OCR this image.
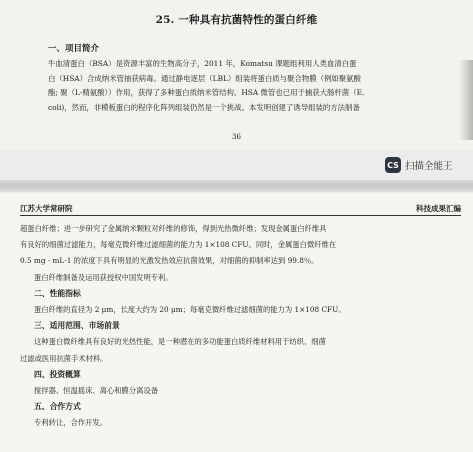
25. 一种具有抗菌特性的蛋白纤维
一、项目简介
牛血清蛋白（BSA）是资源丰富的生物高分子，2011 年，Komatsu 课题组利用人类血清白蛋
白（HSA）合成纳米管抽获病毒。通过静电逐层（LBL）组装将蛋白质与聚合物膜（例如聚氨酸
酯; 聚（L-精氨酸））作用，获得了多种蛋白质纳米管结构。HSA 微管也已用于捕获大肠杆菌（E.
coli)，然而，非模板蛋白的程序化阵列组装仍然是一个挑战。本发明创建了诱导组装的方法制备
36
CS 扫描全能王
江苏大学常研院	科技成果汇编
超蛋白纤维；进一步研究了金属纳米颗粒对纤维的修饰，得到光热微纤维；发现金属蛋白纤维具
有良好的细菌过滤能力，每毫克微纤维过滤细菌的能力为 1×108 CFU。同时，金属蛋白微纤维在
0.5 mg · mL-1 的浓度下具有明显的光激发热效应抗菌效果，对细菌的抑制率达到 99.8％。
蛋白纤维制备及运用获授权中国发明专利。
二、性能指标
蛋白纤维的直径为 2 μm，长度大约为 20 μm；每毫克微纤维过滤细菌的能力为 1×108 CFU。
三、适用范围、市场前景
这种蛋白微纤维具有良好的光热性能，是一种潜在的多功能蛋白质纤维材料用于纺织、细菌
过滤或医用抗菌手术材料。
四、投资概算
搅拌器、恒温摇床、离心和膜分离设备
五、合作方式
专利转让，合作开发。
